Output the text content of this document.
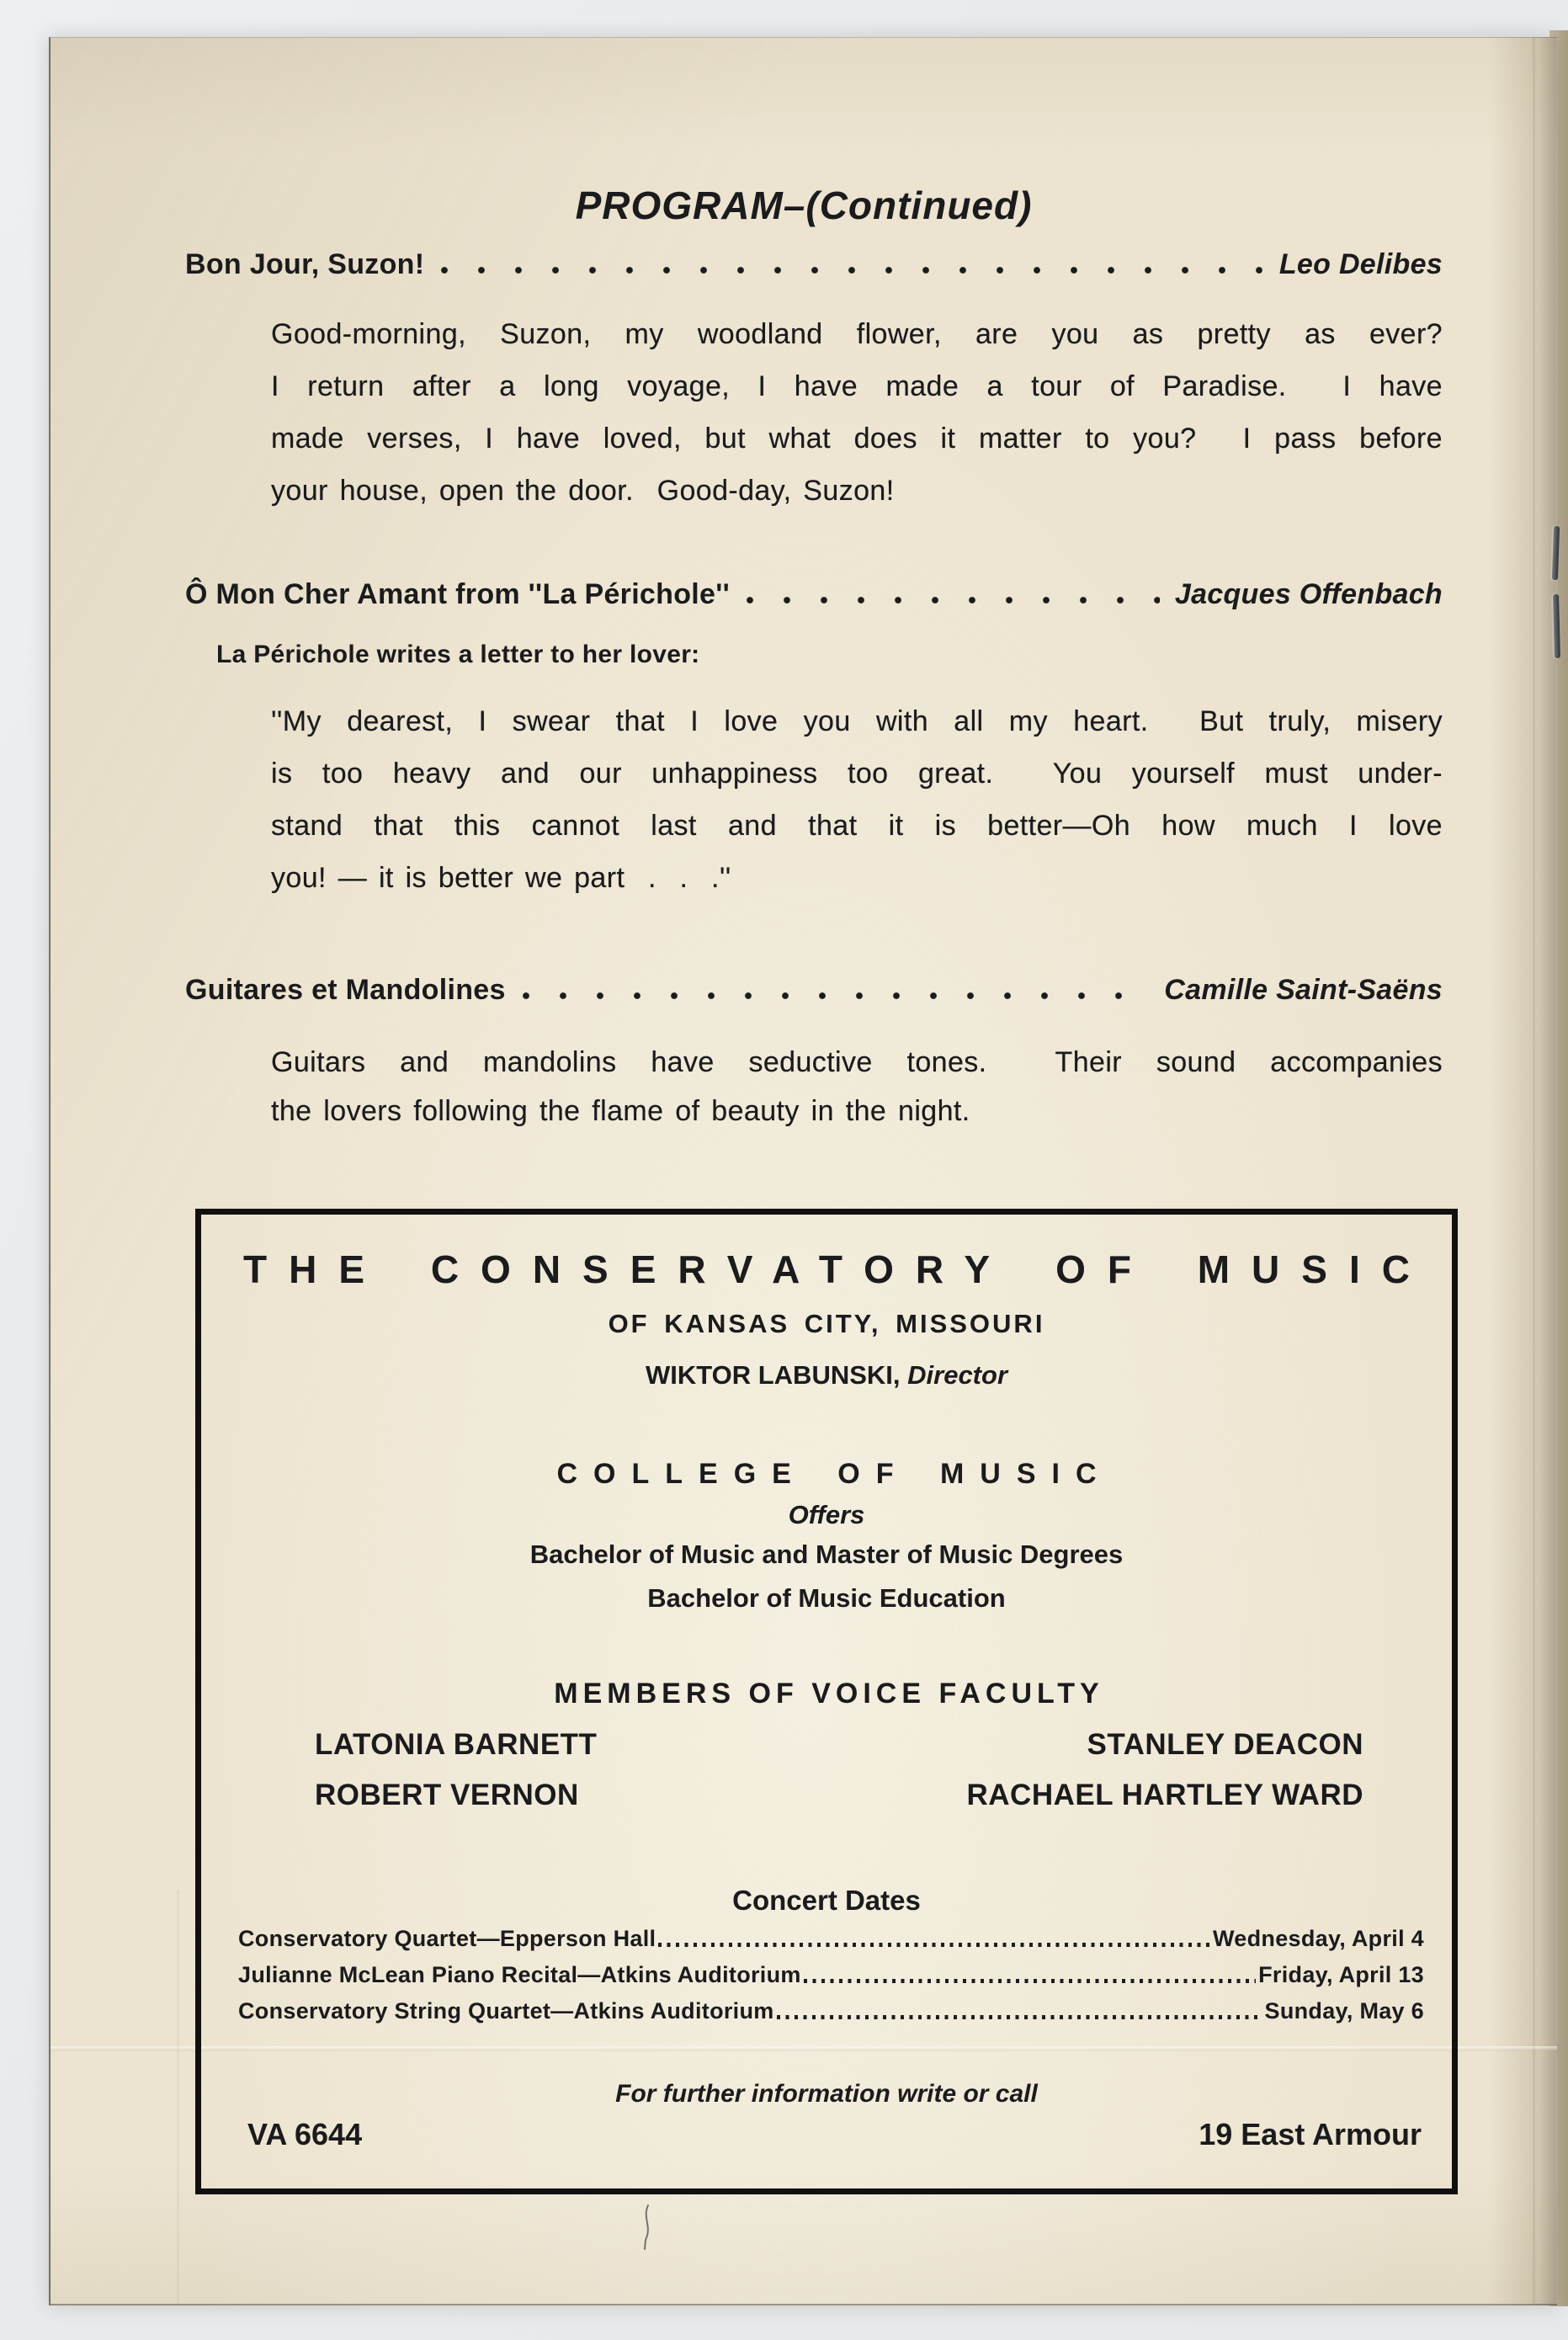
PROGRAM–(Continued)
Bon Jour, Suzon!	Leo Delibes
Good-morning, Suzon, my woodland flower, are you as pretty as ever?
I return after a long voyage, I have made a tour of Paradise.  I have
made verses, I have loved, but what does it matter to you?  I pass before
your house, open the door.  Good-day, Suzon!
Ô Mon Cher Amant from ''La Périchole''	Jacques Offenbach
La Périchole writes a letter to her lover:
''My dearest, I swear that I love you with all my heart.  But truly, misery
is too heavy and our unhappiness too great.  You yourself must under-
stand that this cannot last and that it is better—Oh how much I love
you! — it is better we part  .  .  .''
Guitares et Mandolines	Camille Saint-Saëns
Guitars and mandolins have seductive tones.  Their sound accompanies
the lovers following the flame of beauty in the night.
THE CONSERVATORY OF MUSIC
OF KANSAS CITY, MISSOURI
WIKTOR LABUNSKI, Director
COLLEGE OF MUSIC
Offers
Bachelor of Music and Master of Music Degrees
Bachelor of Music Education
MEMBERS OF VOICE FACULTY
LATONIA BARNETT	STANLEY DEACON
ROBERT VERNON	RACHAEL HARTLEY WARD
Concert Dates
Conservatory Quartet—Epperson Hall	Wednesday, April 4
Julianne McLean Piano Recital—Atkins Auditorium	Friday, April 13
Conservatory String Quartet—Atkins Auditorium	Sunday, May 6
For further information write or call
VA 6644	19 East Armour
